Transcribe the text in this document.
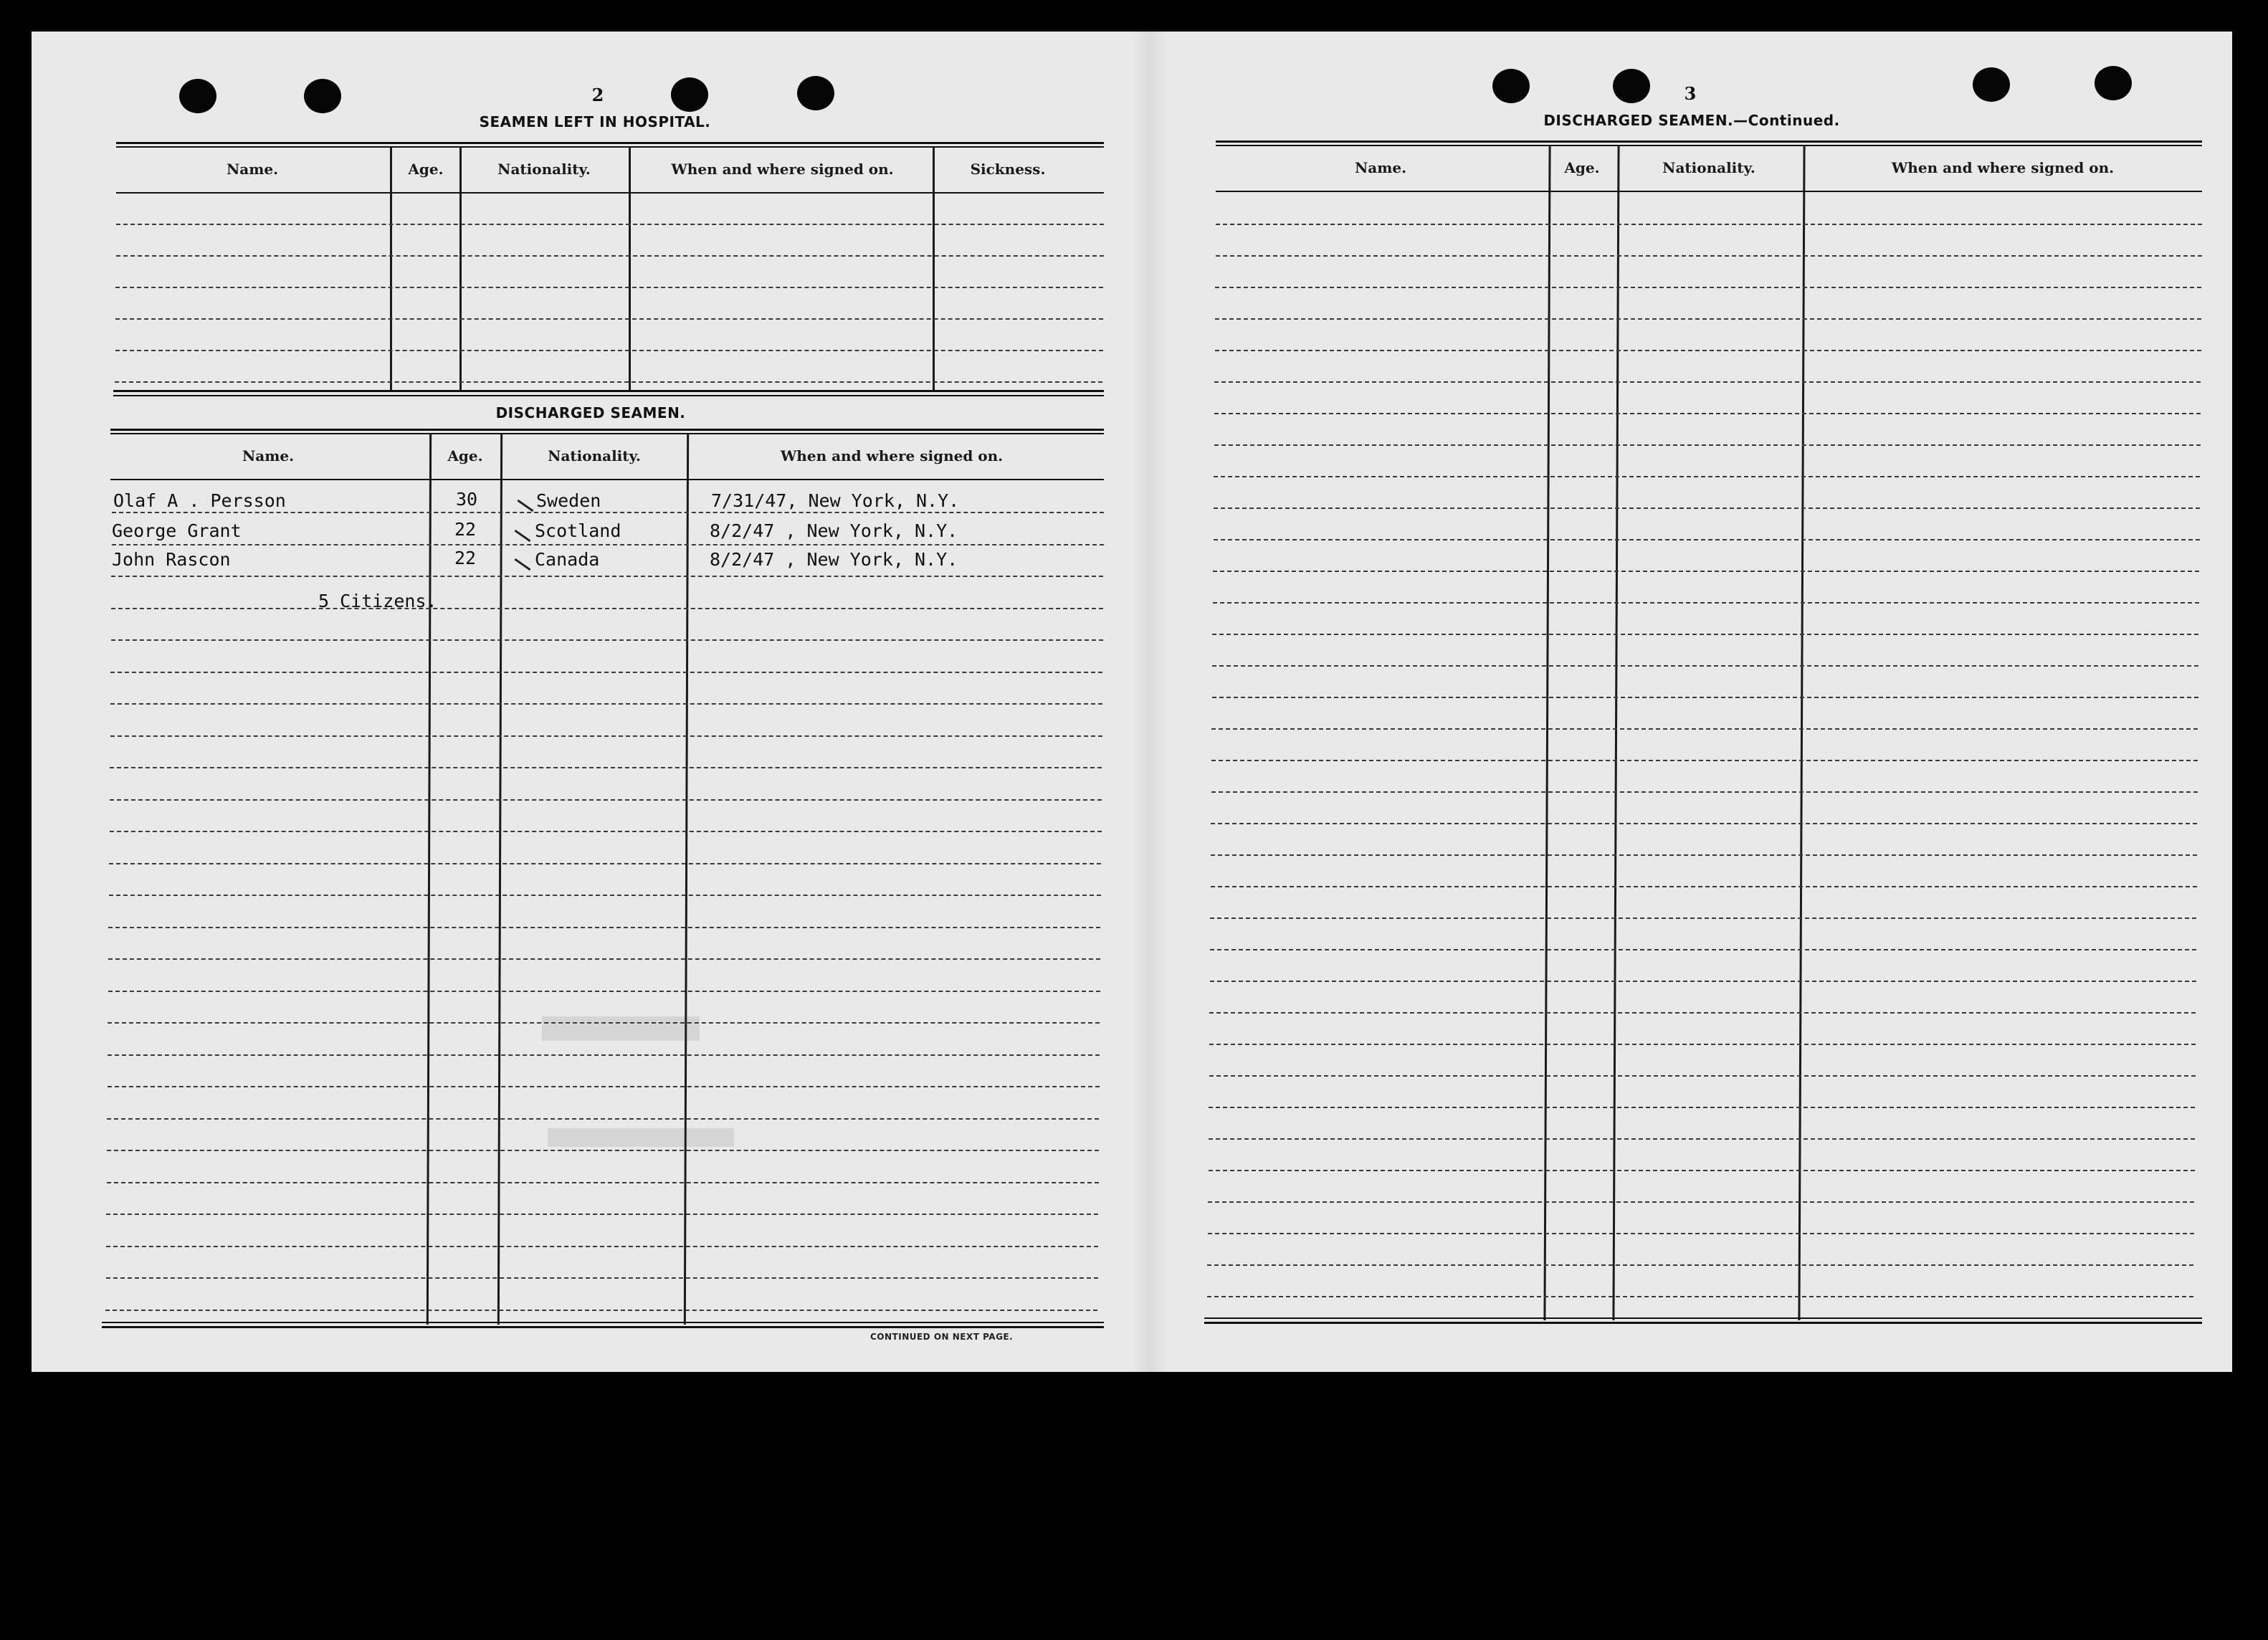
2
SEAMEN LEFT IN HOSPITAL.
Name.	Age.	Nationality.	When and where signed on.	Sickness.
DISCHARGED SEAMEN.
Name.	Age.	Nationality.	When and where signed on.
Olaf A . Persson	30	Sweden	7/31/47, New York, N.Y.
George Grant	22	Scotland	8/2/47 , New York, N.Y.
John Rascon	22	Canada	8/2/47 , New York, N.Y.
5 Citizens.
CONTINUED ON NEXT PAGE.
3
DISCHARGED SEAMEN.—Continued.
Name.	Age.	Nationality.	When and where signed on.
